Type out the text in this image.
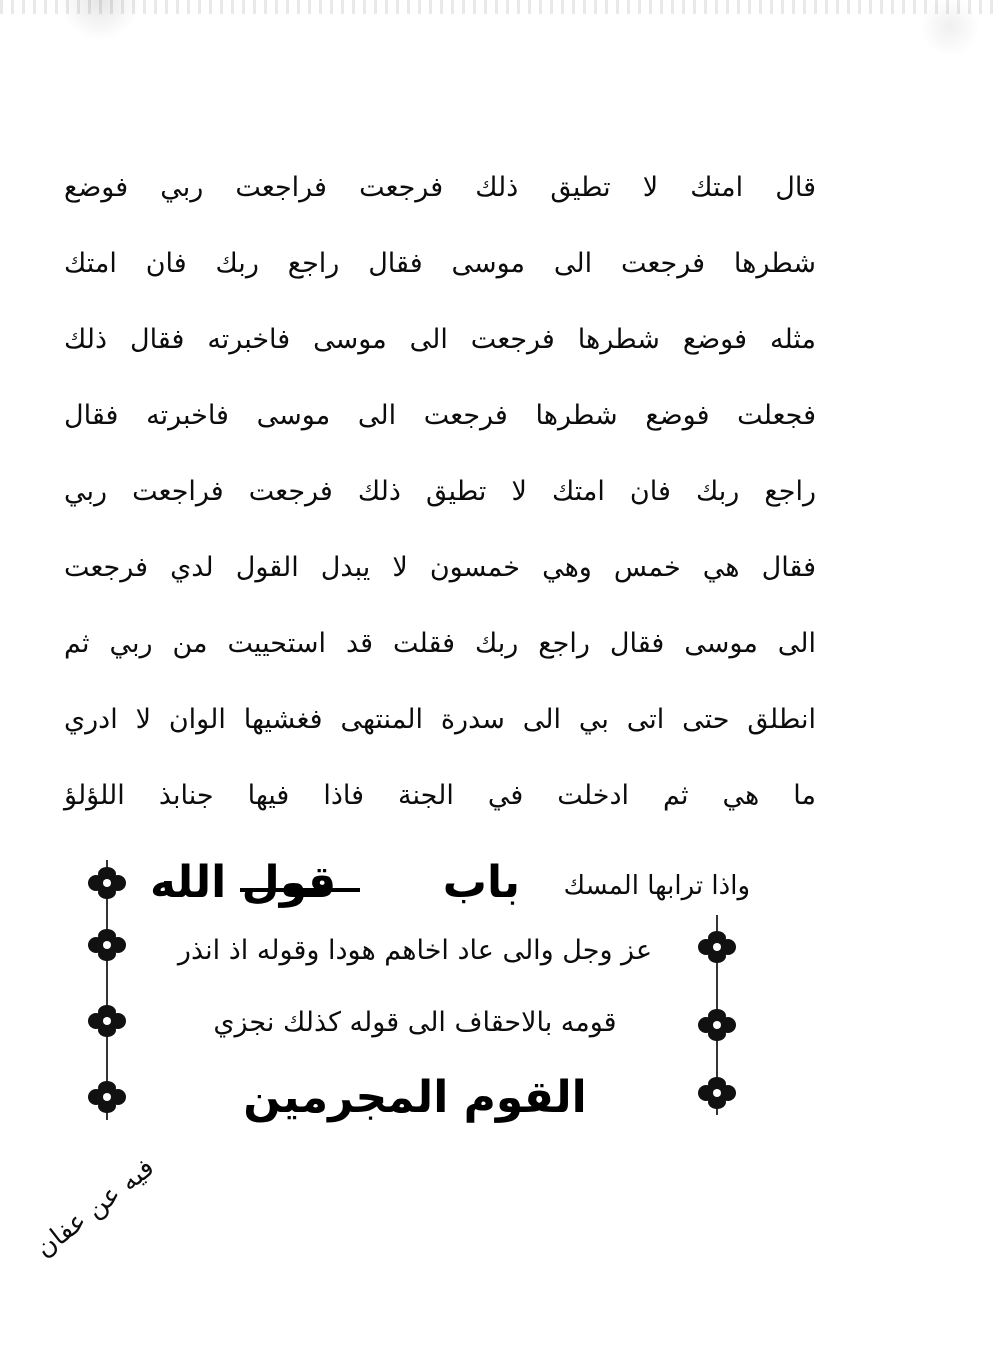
قال امتك لا تطيق ذلك فرجعت فراجعت ربي فوضع
شطرها فرجعت الى موسى فقال راجع ربك فان امتك
مثله فوضع شطرها فرجعت الى موسى فاخبرته فقال ذلك
فجعلت فوضع شطرها فرجعت الى موسى فاخبرته فقال
راجع ربك فان امتك لا تطيق ذلك فرجعت فراجعت ربي
فقال هي خمس وهي خمسون لا يبدل القول لدي فرجعت
الى موسى فقال راجع ربك فقلت قد استحييت من ربي ثم
انطلق حتى اتى بي الى سدرة المنتهى فغشيها الوان لا ادري
ما هي ثم ادخلت في الجنة فاذا فيها جنابذ اللؤلؤ
واذا ترابها المسك
باب
قول الله
عز وجل والى عاد اخاهم هودا وقوله اذ انذر
قومه بالاحقاف الى قوله كذلك نجزي
القوم المجرمين
فيه عن عفان
